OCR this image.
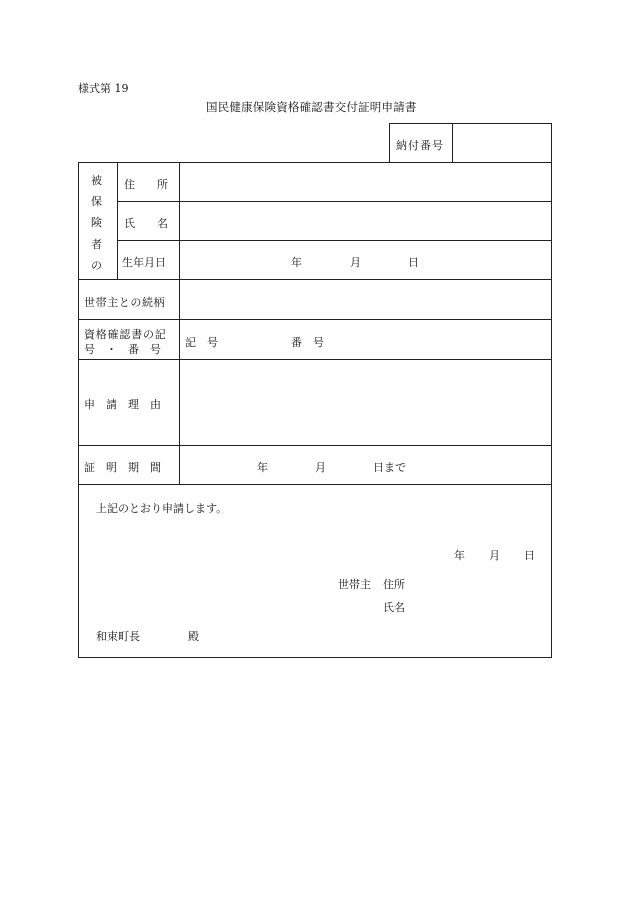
様式第 19
国民健康保険資格確認書交付証明申請書
納付番号
被
保
険
者
の
住　　所
氏　　名
生年月日	年	月	日
世帯主との続柄
資格確認書の記
号　・　番　号
記　号	番　号
申　請　理　由
証　明　期　間	年	月	日まで
上記のとおり申請します。
年 月 日
世帯主 住所
氏名
和束町長	殿
